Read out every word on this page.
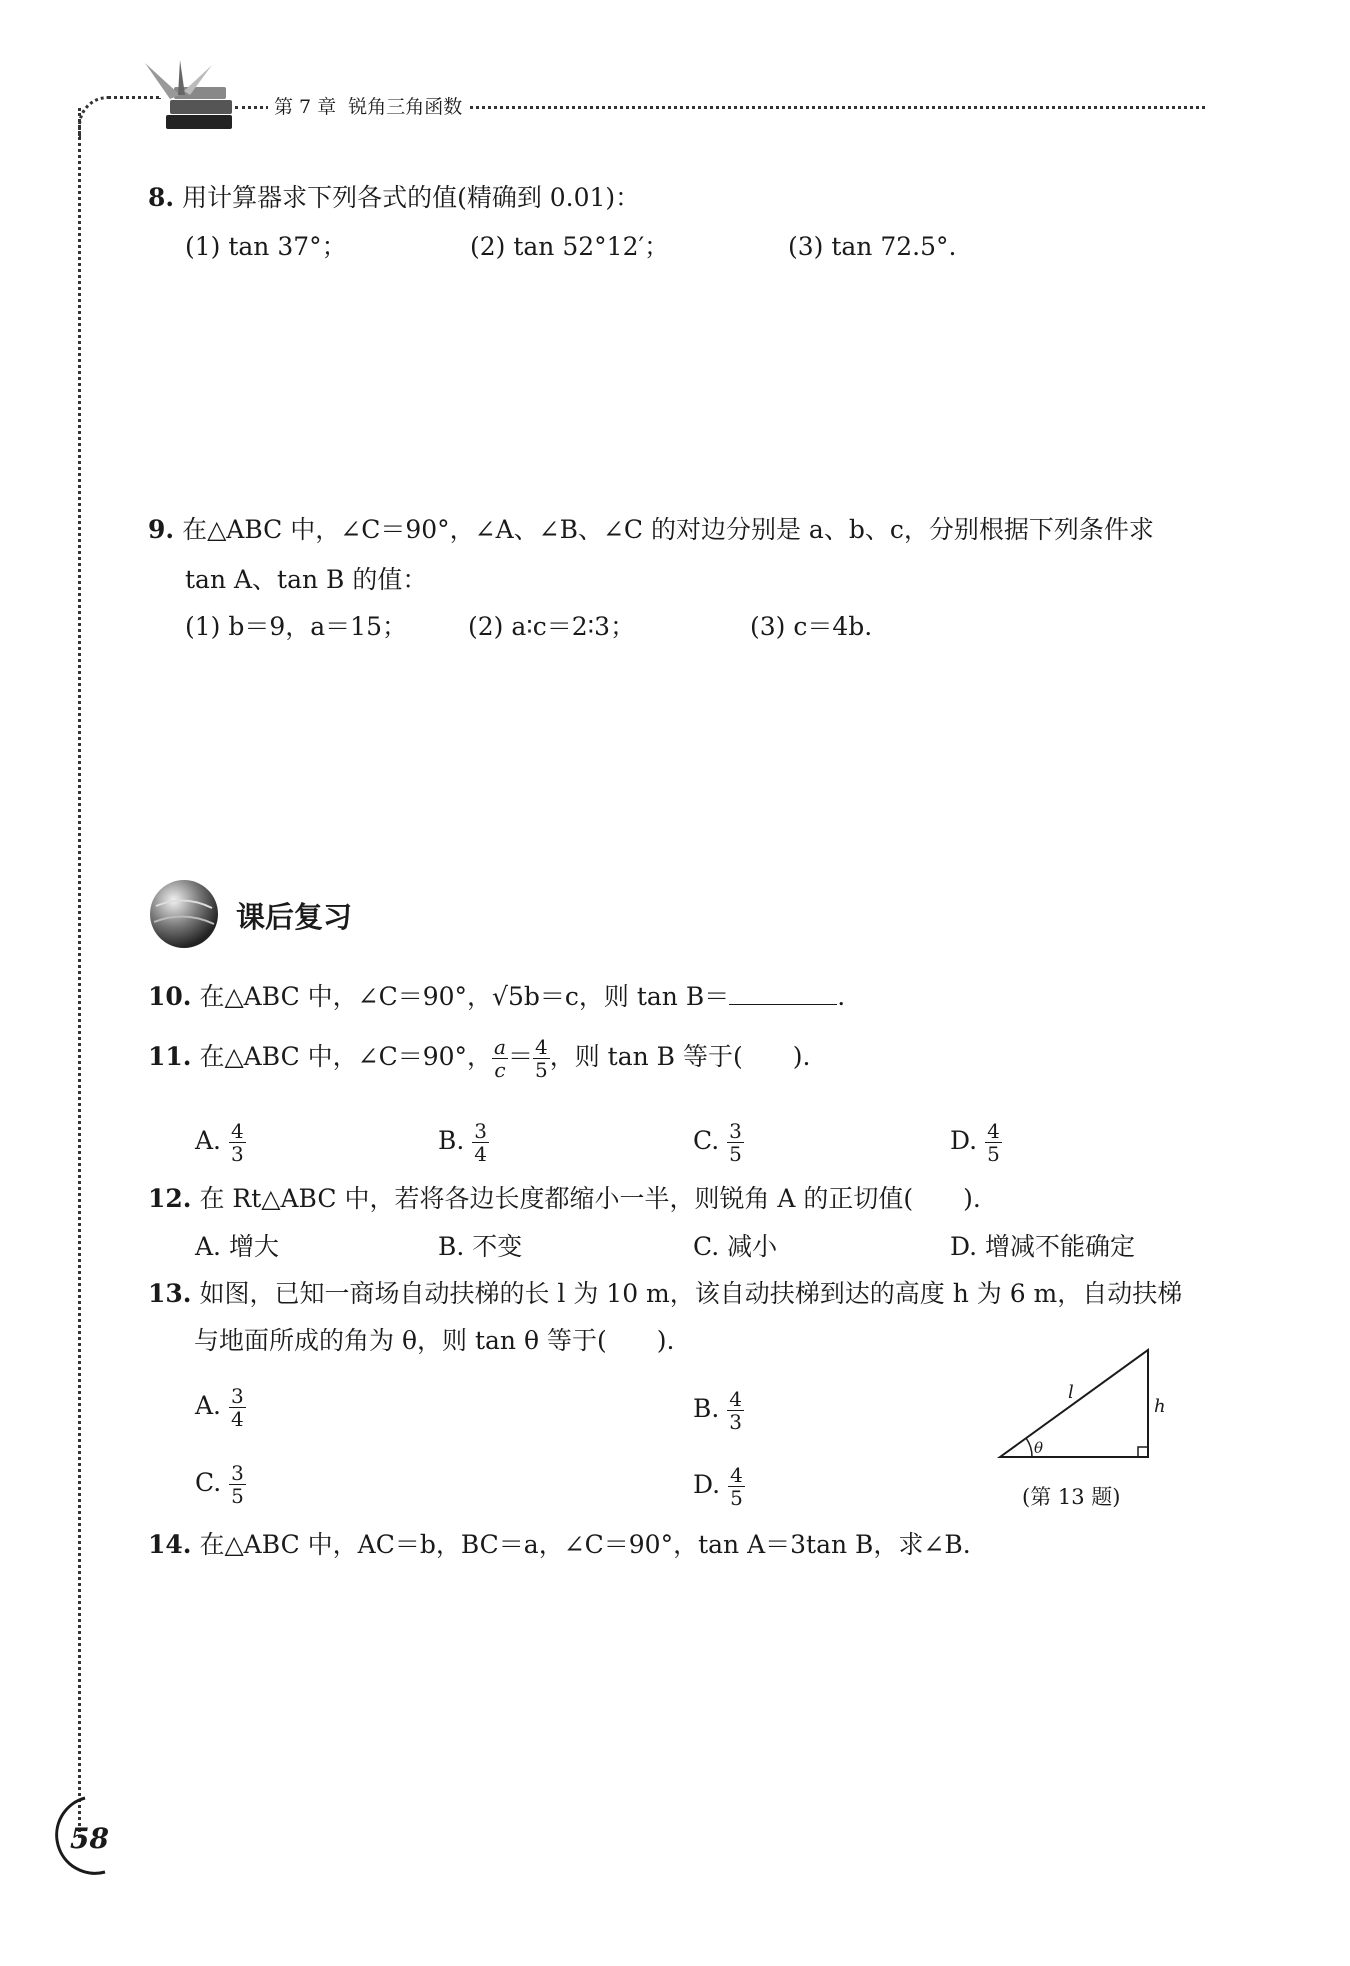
第 7 章 锐角三角函数
8. 用计算器求下列各式的值(精确到 0.01)：
(1) tan 37°；	(2) tan 52°12′；	(3) tan 72.5°.
9. 在△ABC 中，∠C＝90°，∠A、∠B、∠C 的对边分别是 a、b、c，分别根据下列条件求
tan A、tan B 的值：
(1) b＝9，a＝15； (2) a∶c＝2∶3；	(3) c＝4b.
课后复习
10. 在△ABC 中，∠C＝90°，√5b＝c，则 tan B＝	.
11. 在△ABC 中，∠C＝90°， $\frac{a}{c} = \frac{4}{5}$ ，则 tan B 等于( ).
A. $\frac{4}{3}$	B. $\frac{3}{4}$	C. $\frac{3}{5}$	D. $\frac{4}{5}$
12. 在 Rt△ABC 中，若将各边长度都缩小一半，则锐角 A 的正切值( ).
A. 增大	B. 不变	C. 减小	D. 增减不能确定
13. 如图，已知一商场自动扶梯的长 l 为 10 m，该自动扶梯到达的高度 h 为 6 m，自动扶梯
与地面所成的角为 θ，则 tan θ 等于( ).
A. $\frac{3}{4}$	B. $\frac{4}{3}$
C. $\frac{3}{5}$	D. $\frac{4}{5}$
l
h
θ
(第 13 题)
14. 在△ABC 中，AC＝b，BC＝a，∠C＝90°，tan A＝3tan B，求∠B.
58
